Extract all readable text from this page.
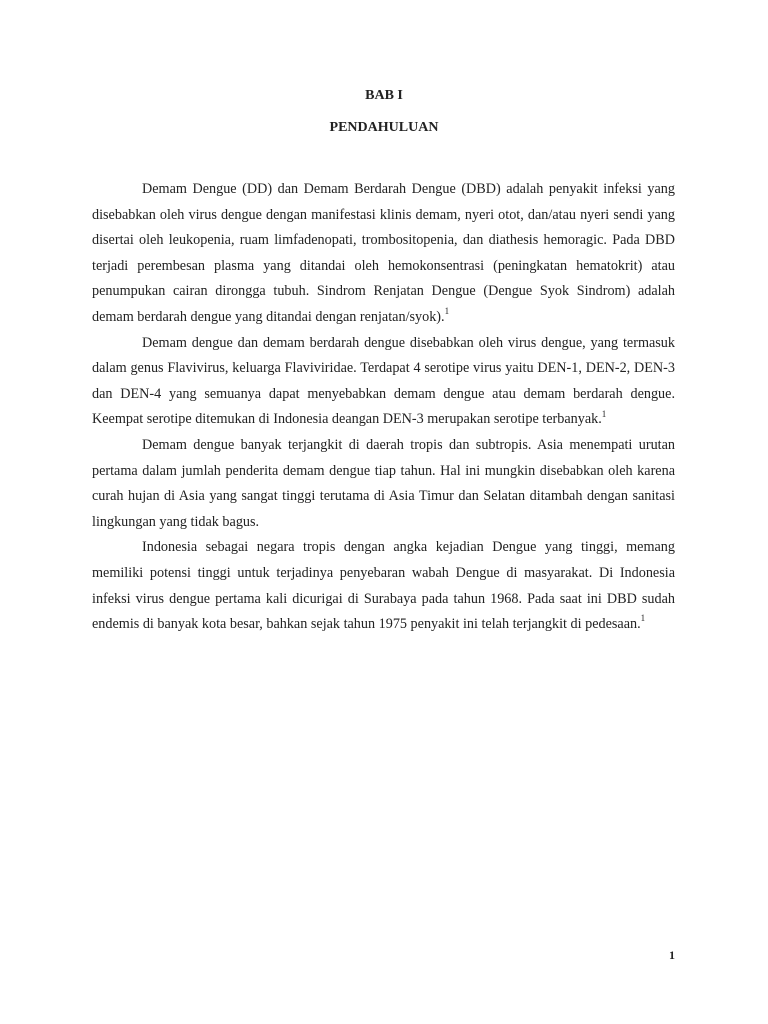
BAB I
PENDAHULUAN

Demam Dengue (DD) dan Demam Berdarah Dengue (DBD) adalah penyakit infeksi yang disebabkan oleh virus dengue dengan manifestasi klinis demam, nyeri otot, dan/atau nyeri sendi yang disertai oleh leukopenia, ruam limfadenopati, trombositopenia, dan diathesis hemoragic. Pada DBD terjadi perembesan plasma yang ditandai oleh hemokonsentrasi (peningkatan hematokrit) atau penumpukan cairan dirongga tubuh. Sindrom Renjatan Dengue (Dengue Syok Sindrom) adalah demam berdarah dengue yang ditandai dengan renjatan/syok).$^1$

Demam dengue dan demam berdarah dengue disebabkan oleh virus dengue, yang termasuk dalam genus Flavivirus, keluarga Flaviviridae. Terdapat 4 serotipe virus yaitu DEN-1, DEN-2, DEN-3 dan DEN-4 yang semuanya dapat menyebabkan demam dengue atau demam berdarah dengue. Keempat serotipe ditemukan di Indonesia deangan DEN-3 merupakan serotipe terbanyak.$^1$

Demam dengue banyak terjangkit di daerah tropis dan subtropis. Asia menempati urutan pertama dalam jumlah penderita demam dengue tiap tahun. Hal ini mungkin disebabkan oleh karena curah hujan di Asia yang sangat tinggi terutama di Asia Timur dan Selatan ditambah dengan sanitasi lingkungan yang tidak bagus.

Indonesia sebagai negara tropis dengan angka kejadian Dengue yang tinggi, memang memiliki potensi tinggi untuk terjadinya penyebaran wabah Dengue di masyarakat. Di Indonesia infeksi virus dengue pertama kali dicurigai di Surabaya pada tahun 1968. Pada saat ini DBD sudah endemis di banyak kota besar, bahkan sejak tahun 1975 penyakit ini telah terjangkit di pedesaan.$^1$

1
